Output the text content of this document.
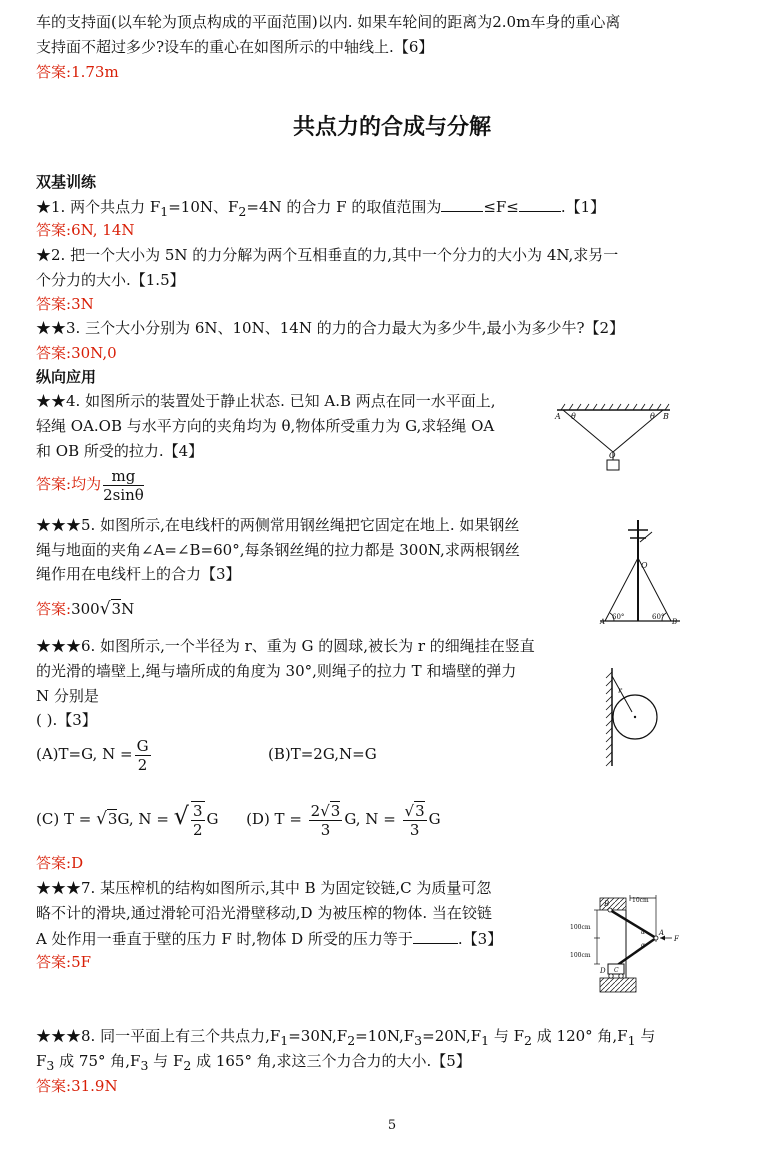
车的支持面(以车轮为顶点构成的平面范围)以内. 如果车轮间的距离为2.0m车身的重心离
支持面不超过多少?设车的重心在如图所示的中轴线上.【6】
答案:1.73m
共点力的合成与分解
双基训练
★1. 两个共点力 $F_1=10N$、$F_2=4N$ 的合力 F 的取值范围为	≤F≤	.【1】
答案:6N, 14N
★2. 把一个大小为 5N 的力分解为两个互相垂直的力,其中一个分力的大小为 4N,求另一
个分力的大小.【1.5】
答案:3N
★★3. 三个大小分别为 6N、10N、14N 的力的合力最大为多少牛,最小为多少牛?【2】
答案:30N,0
纵向应用
★★4. 如图所示的装置处于静止状态. 已知 A.B 两点在同一水平面上,
轻绳 OA.OB 与水平方向的夹角均为 θ,物体所受重力为 G,求轻绳 OA
和 OB 所受的拉力.【4】
答案:均为 $\frac{mg}{2\sin\theta}$
A θ	θ B
O
★★★5. 如图所示,在电线杆的两侧常用钢丝绳把它固定在地上. 如果钢丝
绳与地面的夹角∠A=∠B=60°,每条钢丝绳的拉力都是 300N,求两根钢丝
绳作用在电线杆上的合力【3】
答案:300√3N
O
A	B
60°	60°
★★★6. 如图所示,一个半径为 r、重为 G 的圆球,被长为 r 的细绳挂在竖直
的光滑的墙壁上,绳与墙所成的角度为 30°,则绳子的拉力 T 和墙壁的弹力
N 分别是
( ).【3】
(A)T=G, $N = \frac{G}{2}$	(B)T=2G,N=G
(C) T = √3G, N = √ $\frac{3}{2}$ G (D) $T = \frac{2√3}{3} G$, $N = \frac{√3}{3}$ G
答案:D
r
★★★7. 某压榨机的结构如图所示,其中 B 为固定铰链,C 为质量可忽
略不计的滑块,通过滑轮可沿光滑壁移动,D 为被压榨的物体. 当在铰链
A 处作用一垂直于壁的压力 F 时,物体 D 所受的压力等于	.【3】
答案:5F
10cm
100cm
100cm
B
A
F
C
D
α
α
★★★8. 同一平面上有三个共点力$,F_1=30N,F_2=10N,F_3=20N,F_1$ 与 $F_2$ 成 120° 角$,F_1$ 与
$F_3$ 成 75° 角$,F_3$ 与 $F_2$ 成 165° 角,求这三个力合力的大小.【5】
答案:31.9N
5
